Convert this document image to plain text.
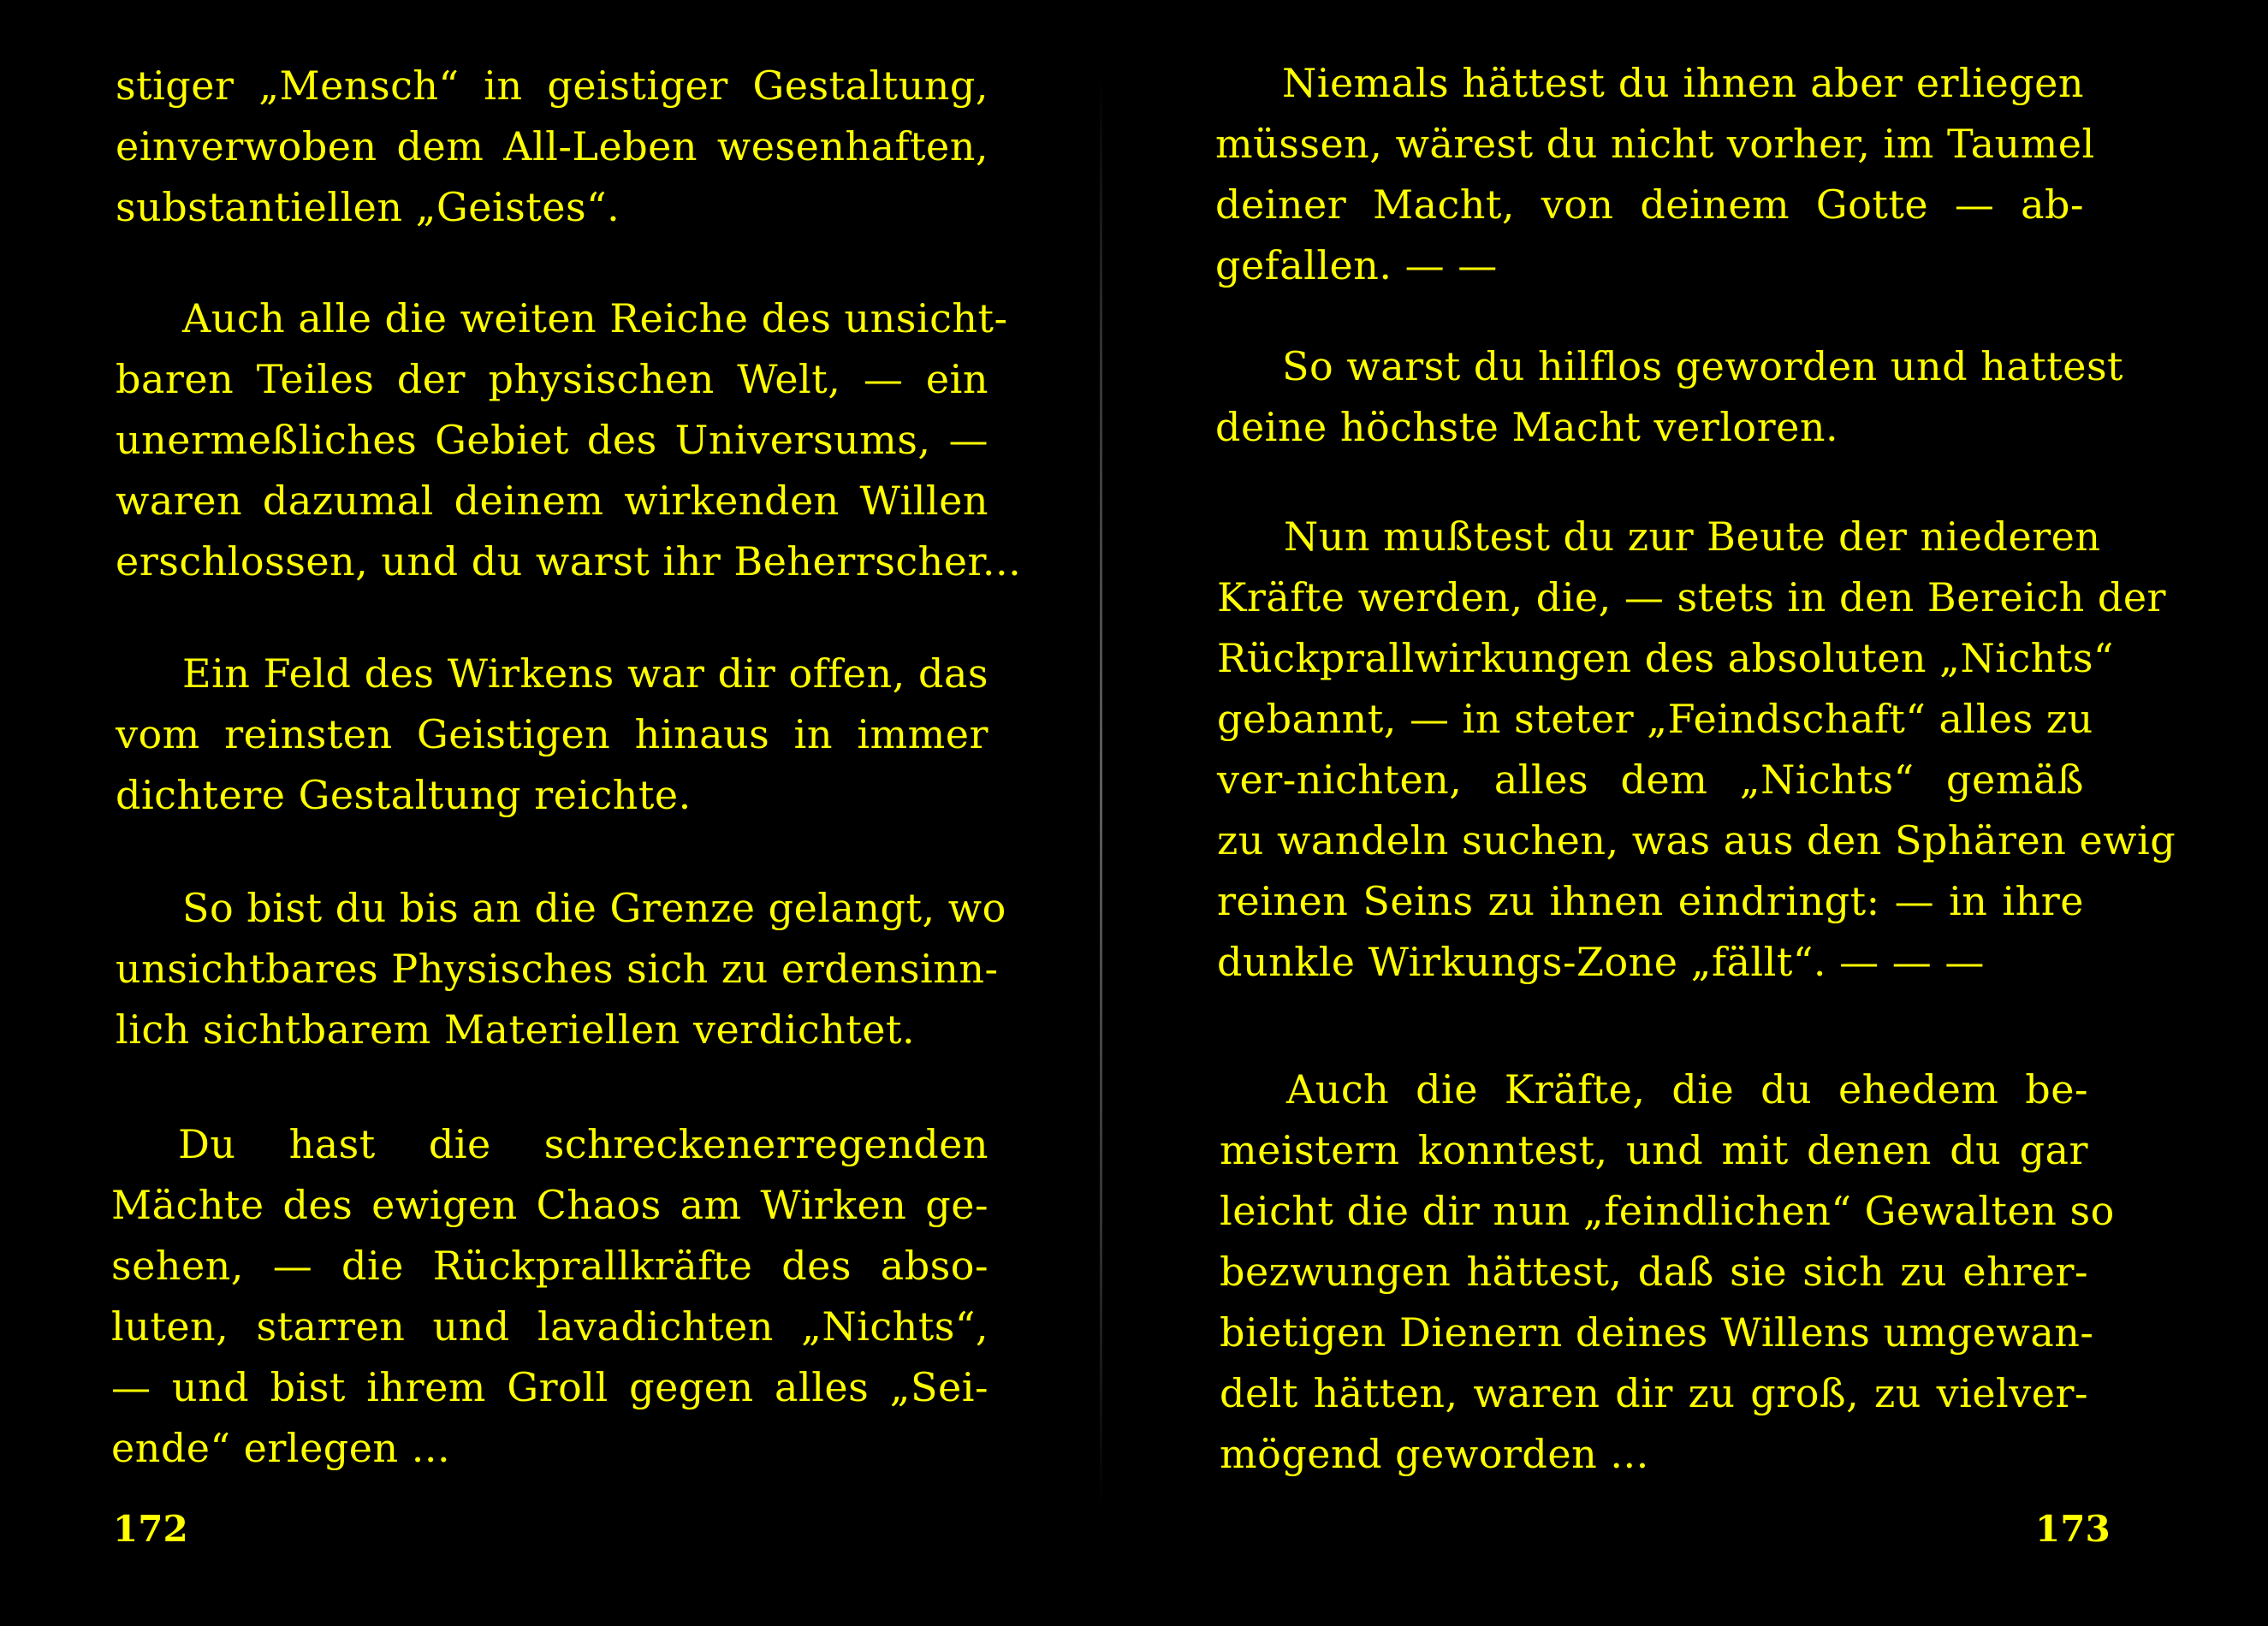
stiger „Mensch“ in geistiger Gestaltung,
einverwoben dem All-Leben wesenhaften,
substantiellen „Geistes“.
Auch alle die weiten Reiche des unsicht-
baren Teiles der physischen Welt, — ein
unermeßliches Gebiet des Universums, —
waren dazumal deinem wirkenden Willen
erschlossen, und du warst ihr Beherrscher...
Ein Feld des Wirkens war dir offen, das
vom reinsten Geistigen hinaus in immer
dichtere Gestaltung reichte.
So bist du bis an die Grenze gelangt, wo
unsichtbares Physisches sich zu erdensinn-
lich sichtbarem Materiellen verdichtet.
Du hast die schreckenerregenden
Mächte des ewigen Chaos am Wirken ge-
sehen, — die Rückprallkräfte des abso-
luten, starren und lavadichten „Nichts“,
— und bist ihrem Groll gegen alles „Sei-
ende“ erlegen ...
172
Niemals hättest du ihnen aber erliegen
müssen, wärest du nicht vorher, im Taumel
deiner Macht, von deinem Gotte — ab-
gefallen. — —
So warst du hilflos geworden und hattest
deine höchste Macht verloren.
Nun mußtest du zur Beute der niederen
Kräfte werden, die, — stets in den Bereich der
Rückprallwirkungen des absoluten „Nichts“
gebannt, — in steter „Feindschaft“ alles zu
ver-nichten, alles dem „Nichts“ gemäß
zu wandeln suchen, was aus den Sphären ewig
reinen Seins zu ihnen eindringt: — in ihre
dunkle Wirkungs-Zone „fällt“. — — —
Auch die Kräfte, die du ehedem be-
meistern konntest, und mit denen du gar
leicht die dir nun „feindlichen“ Gewalten so
bezwungen hättest, daß sie sich zu ehrer-
bietigen Dienern deines Willens umgewan-
delt hätten, waren dir zu groß, zu vielver-
mögend geworden ...
173
